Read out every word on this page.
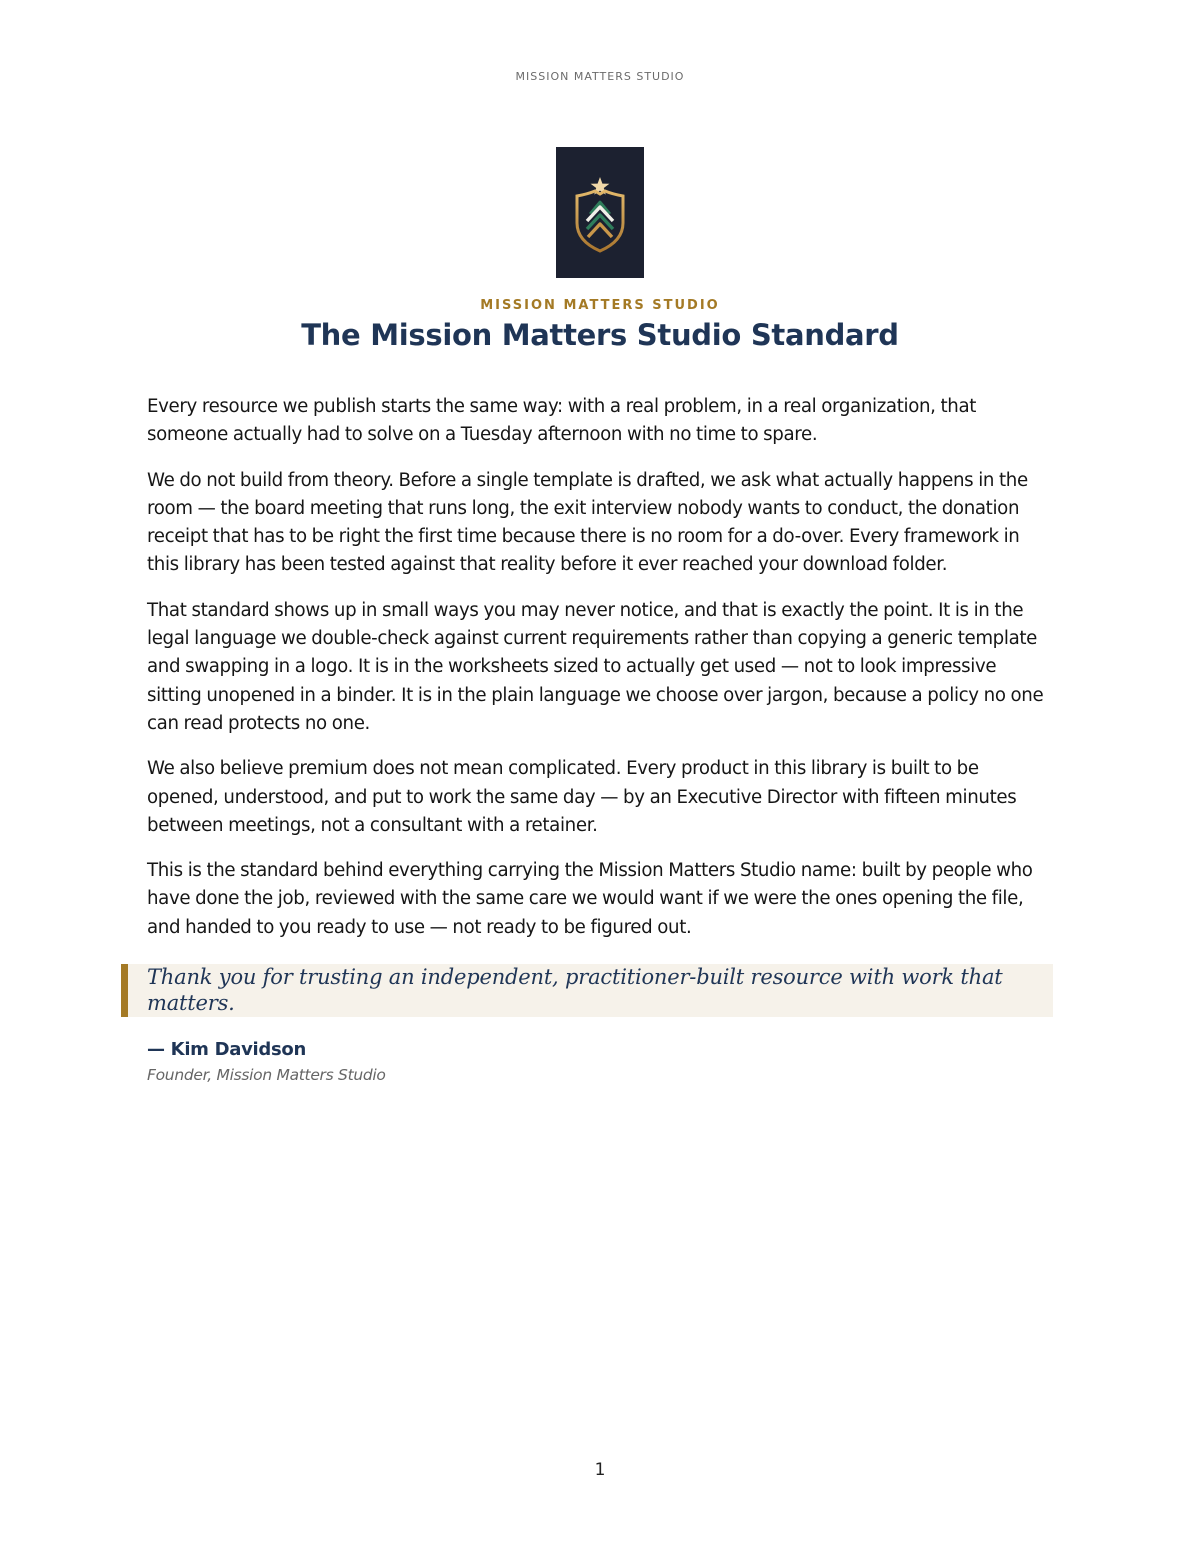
MISSION MATTERS STUDIO
MISSION MATTERS STUDIO
The Mission Matters Studio Standard

Every resource we publish starts the same way: with a real problem, in a real organization, that someone actually had to solve on a Tuesday afternoon with no time to spare.

We do not build from theory. Before a single template is drafted, we ask what actually happens in the room — the board meeting that runs long, the exit interview nobody wants to conduct, the donation receipt that has to be right the first time because there is no room for a do-over. Every framework in this library has been tested against that reality before it ever reached your download folder.

That standard shows up in small ways you may never notice, and that is exactly the point. It is in the legal language we double-check against current requirements rather than copying a generic template and swapping in a logo. It is in the worksheets sized to actually get used — not to look impressive sitting unopened in a binder. It is in the plain language we choose over jargon, because a policy no one can read protects no one.

We also believe premium does not mean complicated. Every product in this library is built to be opened, understood, and put to work the same day — by an Executive Director with fifteen minutes between meetings, not a consultant with a retainer.

This is the standard behind everything carrying the Mission Matters Studio name: built by people who have done the job, reviewed with the same care we would want if we were the ones opening the file, and handed to you ready to use — not ready to be figured out.

Thank you for trusting an independent, practitioner-built resource with work that matters.
— Kim Davidson
Founder, Mission Matters Studio
1
